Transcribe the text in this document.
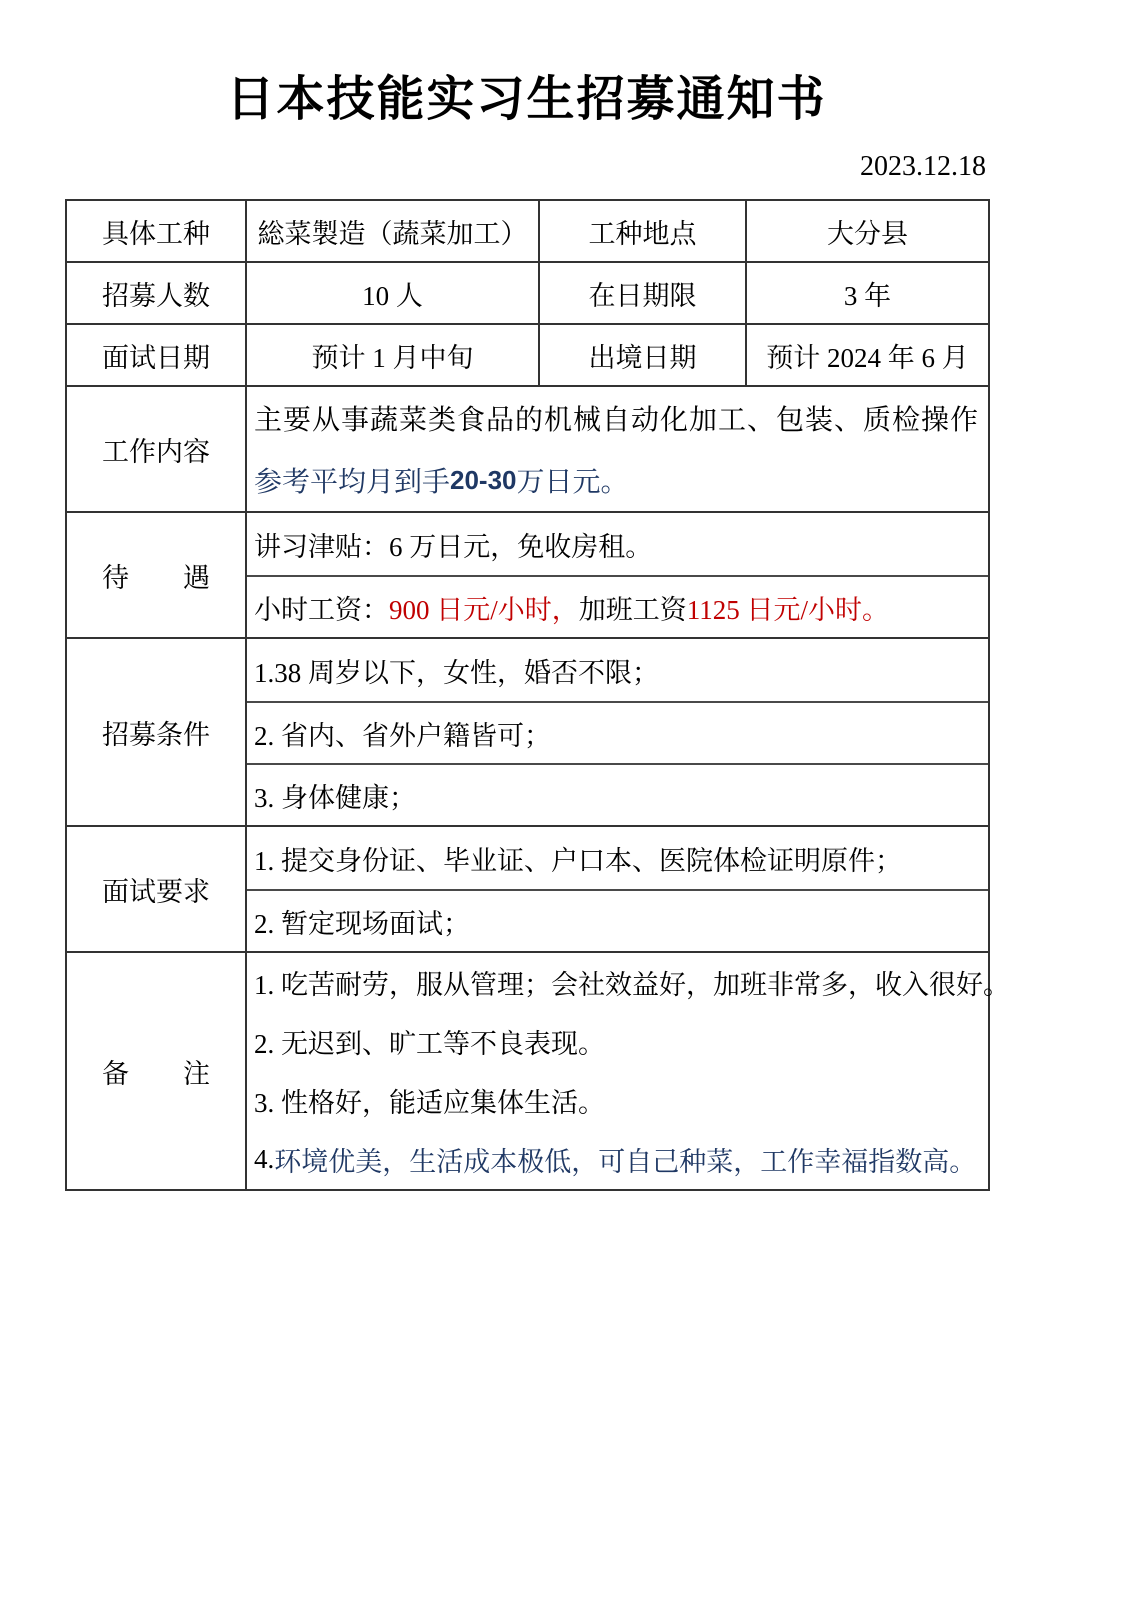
日本技能实习生招募通知书
2023.12.18
具体工种	総菜製造（蔬菜加工）	工种地点	大分县
招募人数	10 人	在日期限	3 年
面试日期	预计 1 月中旬	出境日期	预计 2024 年 6 月
工作内容	主要从事蔬菜类食品的机械自动化加工、包装、质检操作
参考平均月到手 20-30 万日元。		

待　　遇	讲习津贴：6 万日元，免收房租。
小时工资： 900 日元/小时， 加班工资 1125 日元/小时。		

招募条件	1.38 周岁以下，女性，婚否不限；
2. 省内、省外户籍皆可；
3. 身体健康；		

面试要求	1. 提交身份证、毕业证、户口本、医院体检证明原件；
2. 暂定现场面试；		

备　　注	1. 吃苦耐劳，服从管理；会社效益好，加班非常多，收入很好。
2. 无迟到、旷工等不良表现。
3. 性格好，能适应集体生活。
4. 环境优美，生活成本极低，可自己种菜，工作幸福指数高。		
